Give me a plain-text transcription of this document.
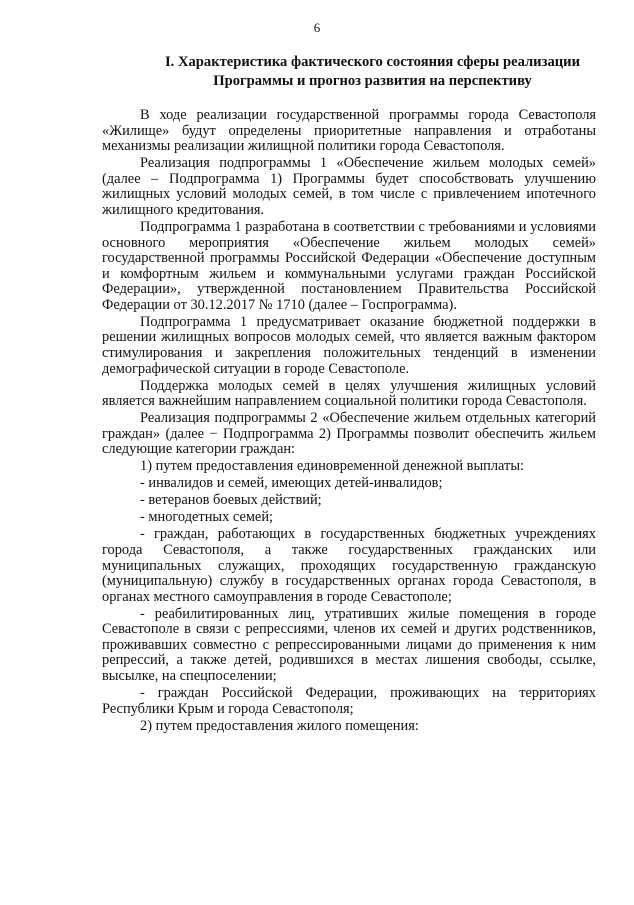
6
I. Характеристика фактического состояния сферы реализации
Программы и прогноз развития на перспективу

В ходе реализации государственной программы города Севастополя «Жилище» будут определены приоритетные направления и отработаны механизмы реализации жилищной политики города Севастополя.

Реализация подпрограммы 1 «Обеспечение жильем молодых семей» (далее – Подпрограмма 1) Программы будет способствовать улучшению жилищных условий молодых семей, в том числе с привлечением ипотечного жилищного кредитования.

Подпрограмма 1 разработана в соответствии с требованиями и условиями основного мероприятия «Обеспечение жильем молодых семей» государственной программы Российской Федерации «Обеспечение доступным и комфортным жильем и коммунальными услугами граждан Российской Федерации», утвержденной постановлением Правительства Российской Федерации от 30.12.2017 № 1710 (далее – Госпрограмма).

Подпрограмма 1 предусматривает оказание бюджетной поддержки в решении жилищных вопросов молодых семей, что является важным фактором стимулирования и закрепления положительных тенденций в изменении демографической ситуации в городе Севастополе.

Поддержка молодых семей в целях улучшения жилищных условий является важнейшим направлением социальной политики города Севастополя.

Реализация подпрограммы 2 «Обеспечение жильем отдельных категорий граждан» (далее − Подпрограмма 2) Программы позволит обеспечить жильем следующие категории граждан:

1) путем предоставления единовременной денежной выплаты:

- инвалидов и семей, имеющих детей-инвалидов;

- ветеранов боевых действий;

- многодетных семей;

- граждан, работающих в государственных бюджетных учреждениях города Севастополя, а также государственных гражданских или муниципальных служащих, проходящих государственную гражданскую (муниципальную) службу в государственных органах города Севастополя, в органах местного самоуправления в городе Севастополе;

- реабилитированных лиц, утративших жилые помещения в городе Севастополе в связи с репрессиями, членов их семей и других родственников, проживавших совместно с репрессированными лицами до применения к ним репрессий, а также детей, родившихся в местах лишения свободы, ссылке, высылке, на спецпоселении;

- граждан Российской Федерации, проживающих на территориях Республики Крым и города Севастополя;

2) путем предоставления жилого помещения:
